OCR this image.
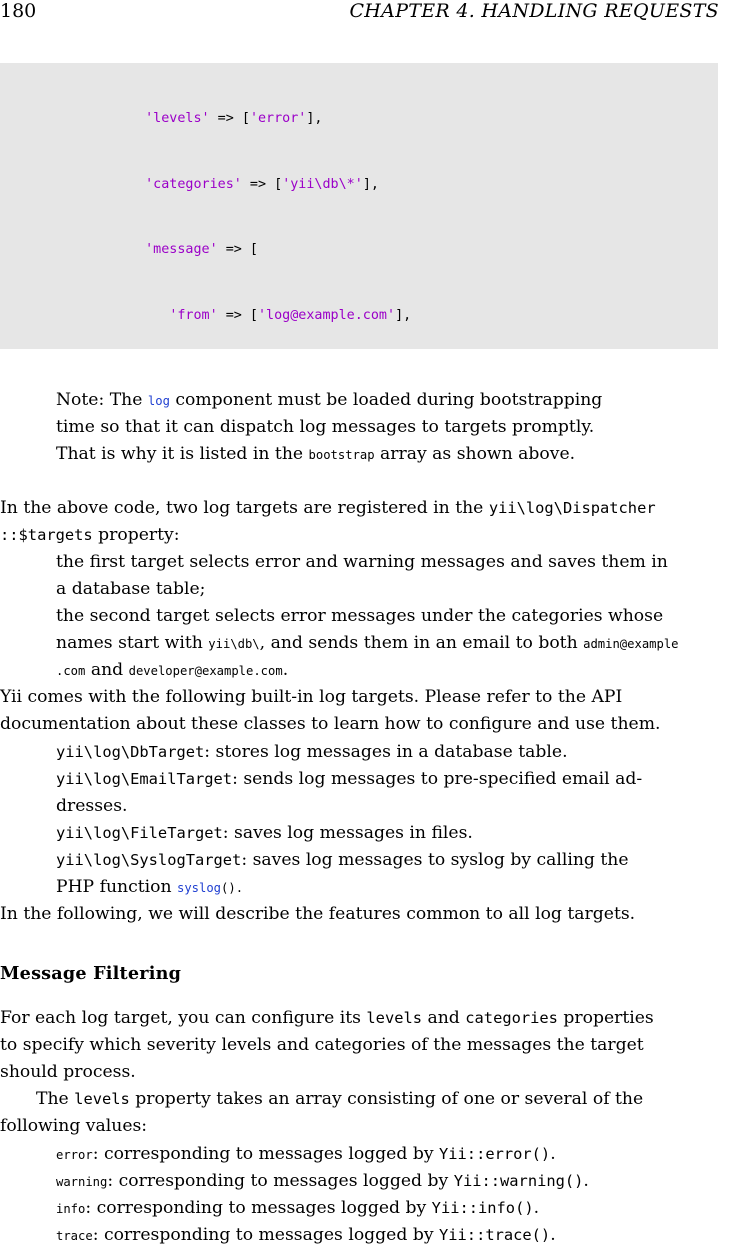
180	CHAPTER 4. HANDLING REQUESTS

'levels' => ['error'],

'categories' => ['yii\db\*'],

'message' => [

'from' => ['log@example.com'],

Note: The log component must be loaded during bootstrapping
time so that it can dispatch log messages to targets promptly.
That is why it is listed in the bootstrap array as shown above.
In the above code, two log targets are registered in the yii\log\Dispatcher
::$targets property:
the first target selects error and warning messages and saves them in
a database table;
the second target selects error messages under the categories whose
names start with yii\db\, and sends them in an email to both admin@example
.com and developer@example.com.
Yii comes with the following built-in log targets. Please refer to the API
documentation about these classes to learn how to configure and use them.
yii\log\DbTarget: stores log messages in a database table.
yii\log\EmailTarget: sends log messages to pre-specified email ad-
dresses.
yii\log\FileTarget: saves log messages in files.
yii\log\SyslogTarget: saves log messages to syslog by calling the
PHP function syslog().
In the following, we will describe the features common to all log targets.
Message Filtering
For each log target, you can configure its levels and categories properties
to specify which severity levels and categories of the messages the target
should process.
The levels property takes an array consisting of one or several of the
following values:
error: corresponding to messages logged by Yii::error().
warning: corresponding to messages logged by Yii::warning().
info: corresponding to messages logged by Yii::info().
trace: corresponding to messages logged by Yii::trace().
